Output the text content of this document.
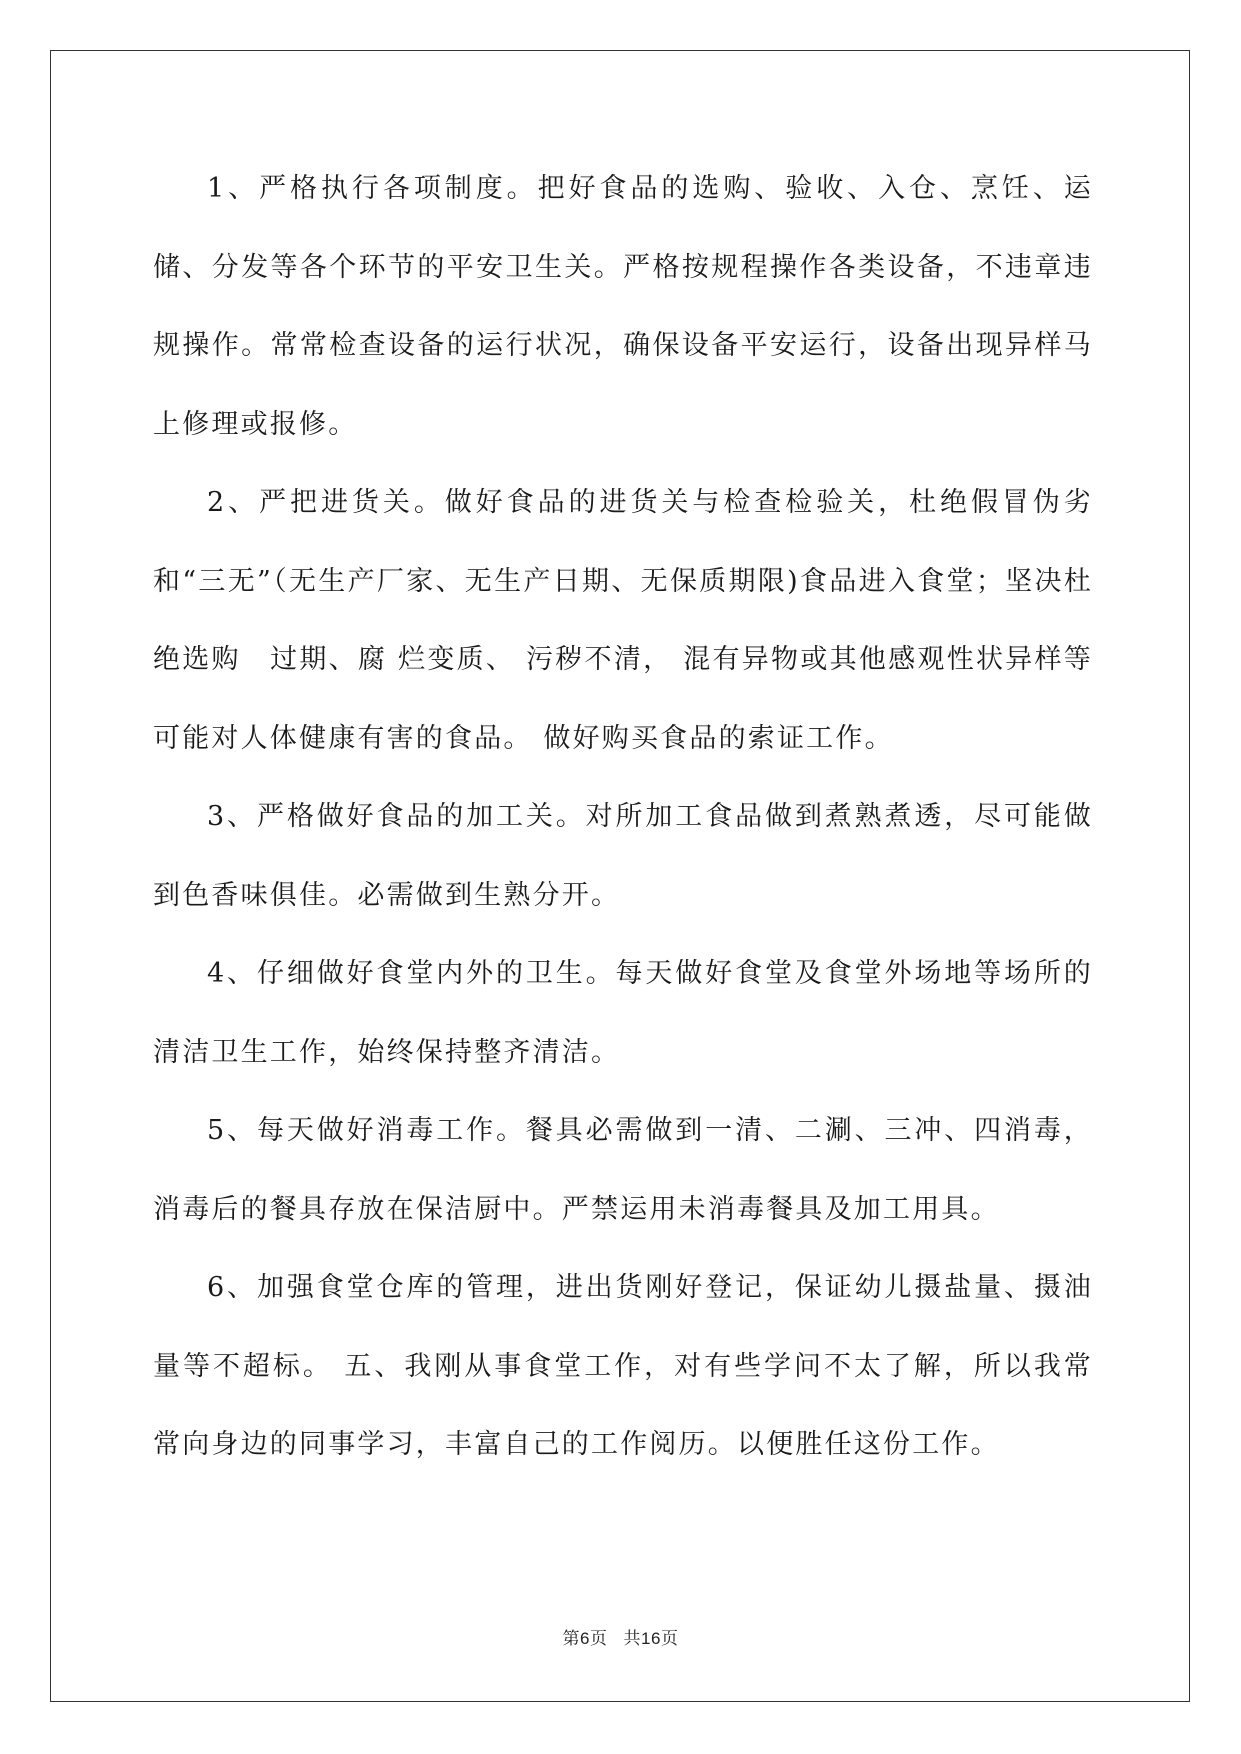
1、严格执行各项制度。把好食品的选购、验收、入仓、烹饪、运储、分发等各个环节的平安卫生关。严格按规程操作各类设备，不违章违规操作。常常检查设备的运行状况，确保设备平安运行，设备出现异样马上修理或报修。

2、严把进货关。做好食品的进货关与检查检验关，杜绝假冒伪劣和“三无”（无生产厂家、无生产日期、无保质期限)食品进入食堂；坚决杜绝选购　过期、腐 烂变质、 污秽不清， 混有异物或其他感观性状异样等可能对人体健康有害的食品。 做好购买食品的索证工作。

3、严格做好食品的加工关。对所加工食品做到煮熟煮透，尽可能做到色香味俱佳。必需做到生熟分开。

4、仔细做好食堂内外的卫生。每天做好食堂及食堂外场地等场所的清洁卫生工作，始终保持整齐清洁。

5、每天做好消毒工作。餐具必需做到一清、二涮、三冲、四消毒，消毒后的餐具存放在保洁厨中。严禁运用未消毒餐具及加工用具。

6、加强食堂仓库的管理，进出货刚好登记，保证幼儿摄盐量、摄油量等不超标。 五、我刚从事食堂工作，对有些学问不太了解，所以我常常向身边的同事学习，丰富自己的工作阅历。以便胜任这份工作。

第6页 共16页
